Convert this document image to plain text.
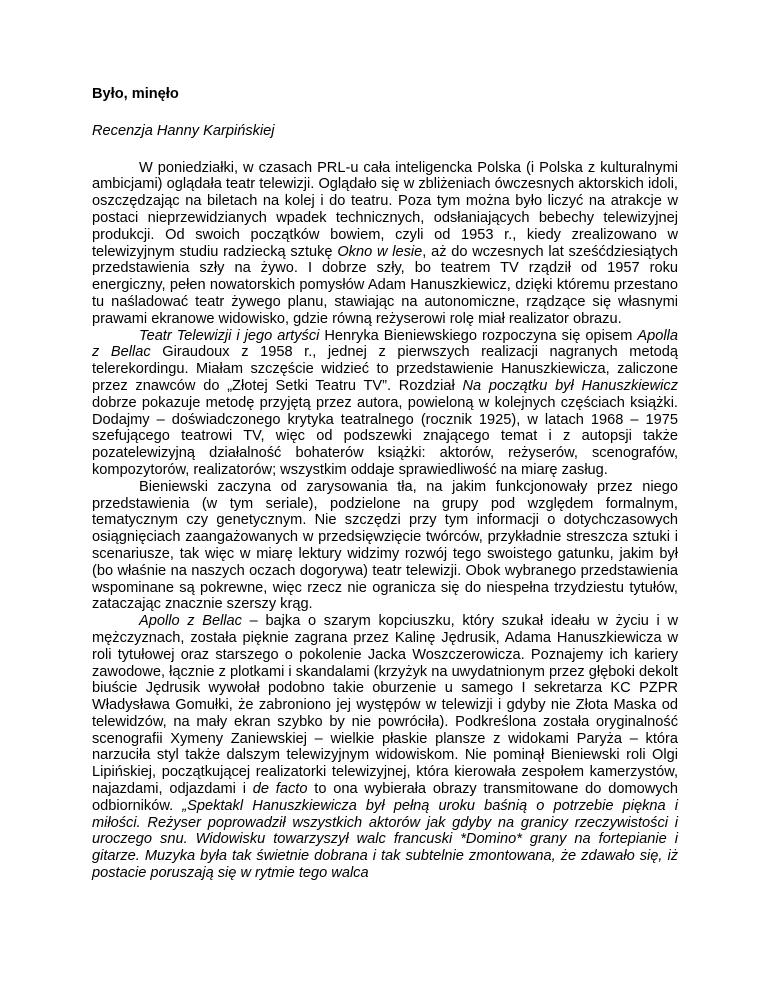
Było, minęło

Recenzja Hanny Karpińskiej

W poniedziałki, w czasach PRL-u cała inteligencka Polska (i Polska z kulturalnymi ambicjami) oglądała teatr telewizji. Oglądało się w zbliżeniach ówczesnych aktorskich idoli, oszczędzając na biletach na kolej i do teatru. Poza tym można było liczyć na atrakcje w postaci nieprzewidzianych wpadek technicznych, odsłaniających bebechy telewizyjnej produkcji. Od swoich początków bowiem, czyli od 1953 r., kiedy zrealizowano w telewizyjnym studiu radziecką sztukę Okno w lesie, aż do wczesnych lat sześćdziesiątych przedstawienia szły na żywo. I dobrze szły, bo teatrem TV rządził od 1957 roku energiczny, pełen nowatorskich pomysłów Adam Hanuszkiewicz, dzięki któremu przestano tu naśladować teatr żywego planu, stawiając na autonomiczne, rządzące się własnymi prawami ekranowe widowisko, gdzie równą reżyserowi rolę miał realizator obrazu.

Teatr Telewizji i jego artyści Henryka Bieniewskiego rozpoczyna się opisem Apolla z Bellac Giraudoux z 1958 r., jednej z pierwszych realizacji nagranych metodą telerekordingu. Miałam szczęście widzieć to przedstawienie Hanuszkiewicza, zaliczone przez znawców do „Złotej Setki Teatru TV”. Rozdział Na początku był Hanuszkiewicz dobrze pokazuje metodę przyjętą przez autora, powieloną w kolejnych częściach książki. Dodajmy – doświadczonego krytyka teatralnego (rocznik 1925), w latach 1968 – 1975 szefującego teatrowi TV, więc od podszewki znającego temat i z autopsji także pozatelewizyjną działalność bohaterów książki: aktorów, reżyserów, scenografów, kompozytorów, realizatorów; wszystkim oddaje sprawiedliwość na miarę zasług.

Bieniewski zaczyna od zarysowania tła, na jakim funkcjonowały przez niego przedstawienia (w tym seriale), podzielone na grupy pod względem formalnym, tematycznym czy genetycznym. Nie szczędzi przy tym informacji o dotychczasowych osiągnięciach zaangażowanych w przedsięwzięcie twórców, przykładnie streszcza sztuki i scenariusze, tak więc w miarę lektury widzimy rozwój tego swoistego gatunku, jakim był (bo właśnie na naszych oczach dogorywa) teatr telewizji. Obok wybranego przedstawienia wspominane są pokrewne, więc rzecz nie ogranicza się do niespełna trzydziestu tytułów, zataczając znacznie szerszy krąg.

Apollo z Bellac – bajka o szarym kopciuszku, który szukał ideału w życiu i w mężczyznach, została pięknie zagrana przez Kalinę Jędrusik, Adama Hanuszkiewicza w roli tytułowej oraz starszego o pokolenie Jacka Woszczerowicza. Poznajemy ich kariery zawodowe, łącznie z plotkami i skandalami (krzyżyk na uwydatnionym przez głęboki dekolt biuście Jędrusik wywołał podobno takie oburzenie u samego I sekretarza KC PZPR Władysława Gomułki, że zabroniono jej występów w telewizji i gdyby nie Złota Maska od telewidzów, na mały ekran szybko by nie powróciła). Podkreślona została oryginalność scenografii Xymeny Zaniewskiej – wielkie płaskie plansze z widokami Paryża – która narzuciła styl także dalszym telewizyjnym widowiskom. Nie pominął Bieniewski roli Olgi Lipińskiej, początkującej realizatorki telewizyjnej, która kierowała zespołem kamerzystów, najazdami, odjazdami i de facto to ona wybierała obrazy transmitowane do domowych odbiorników. „Spektakl Hanuszkiewicza był pełną uroku baśnią o potrzebie piękna i miłości. Reżyser poprowadził wszystkich aktorów jak gdyby na granicy rzeczywistości i uroczego snu. Widowisku towarzyszył walc francuski *Domino* grany na fortepianie i gitarze. Muzyka była tak świetnie dobrana i tak subtelnie zmontowana, że zdawało się, iż postacie poruszają się w rytmie tego walca
